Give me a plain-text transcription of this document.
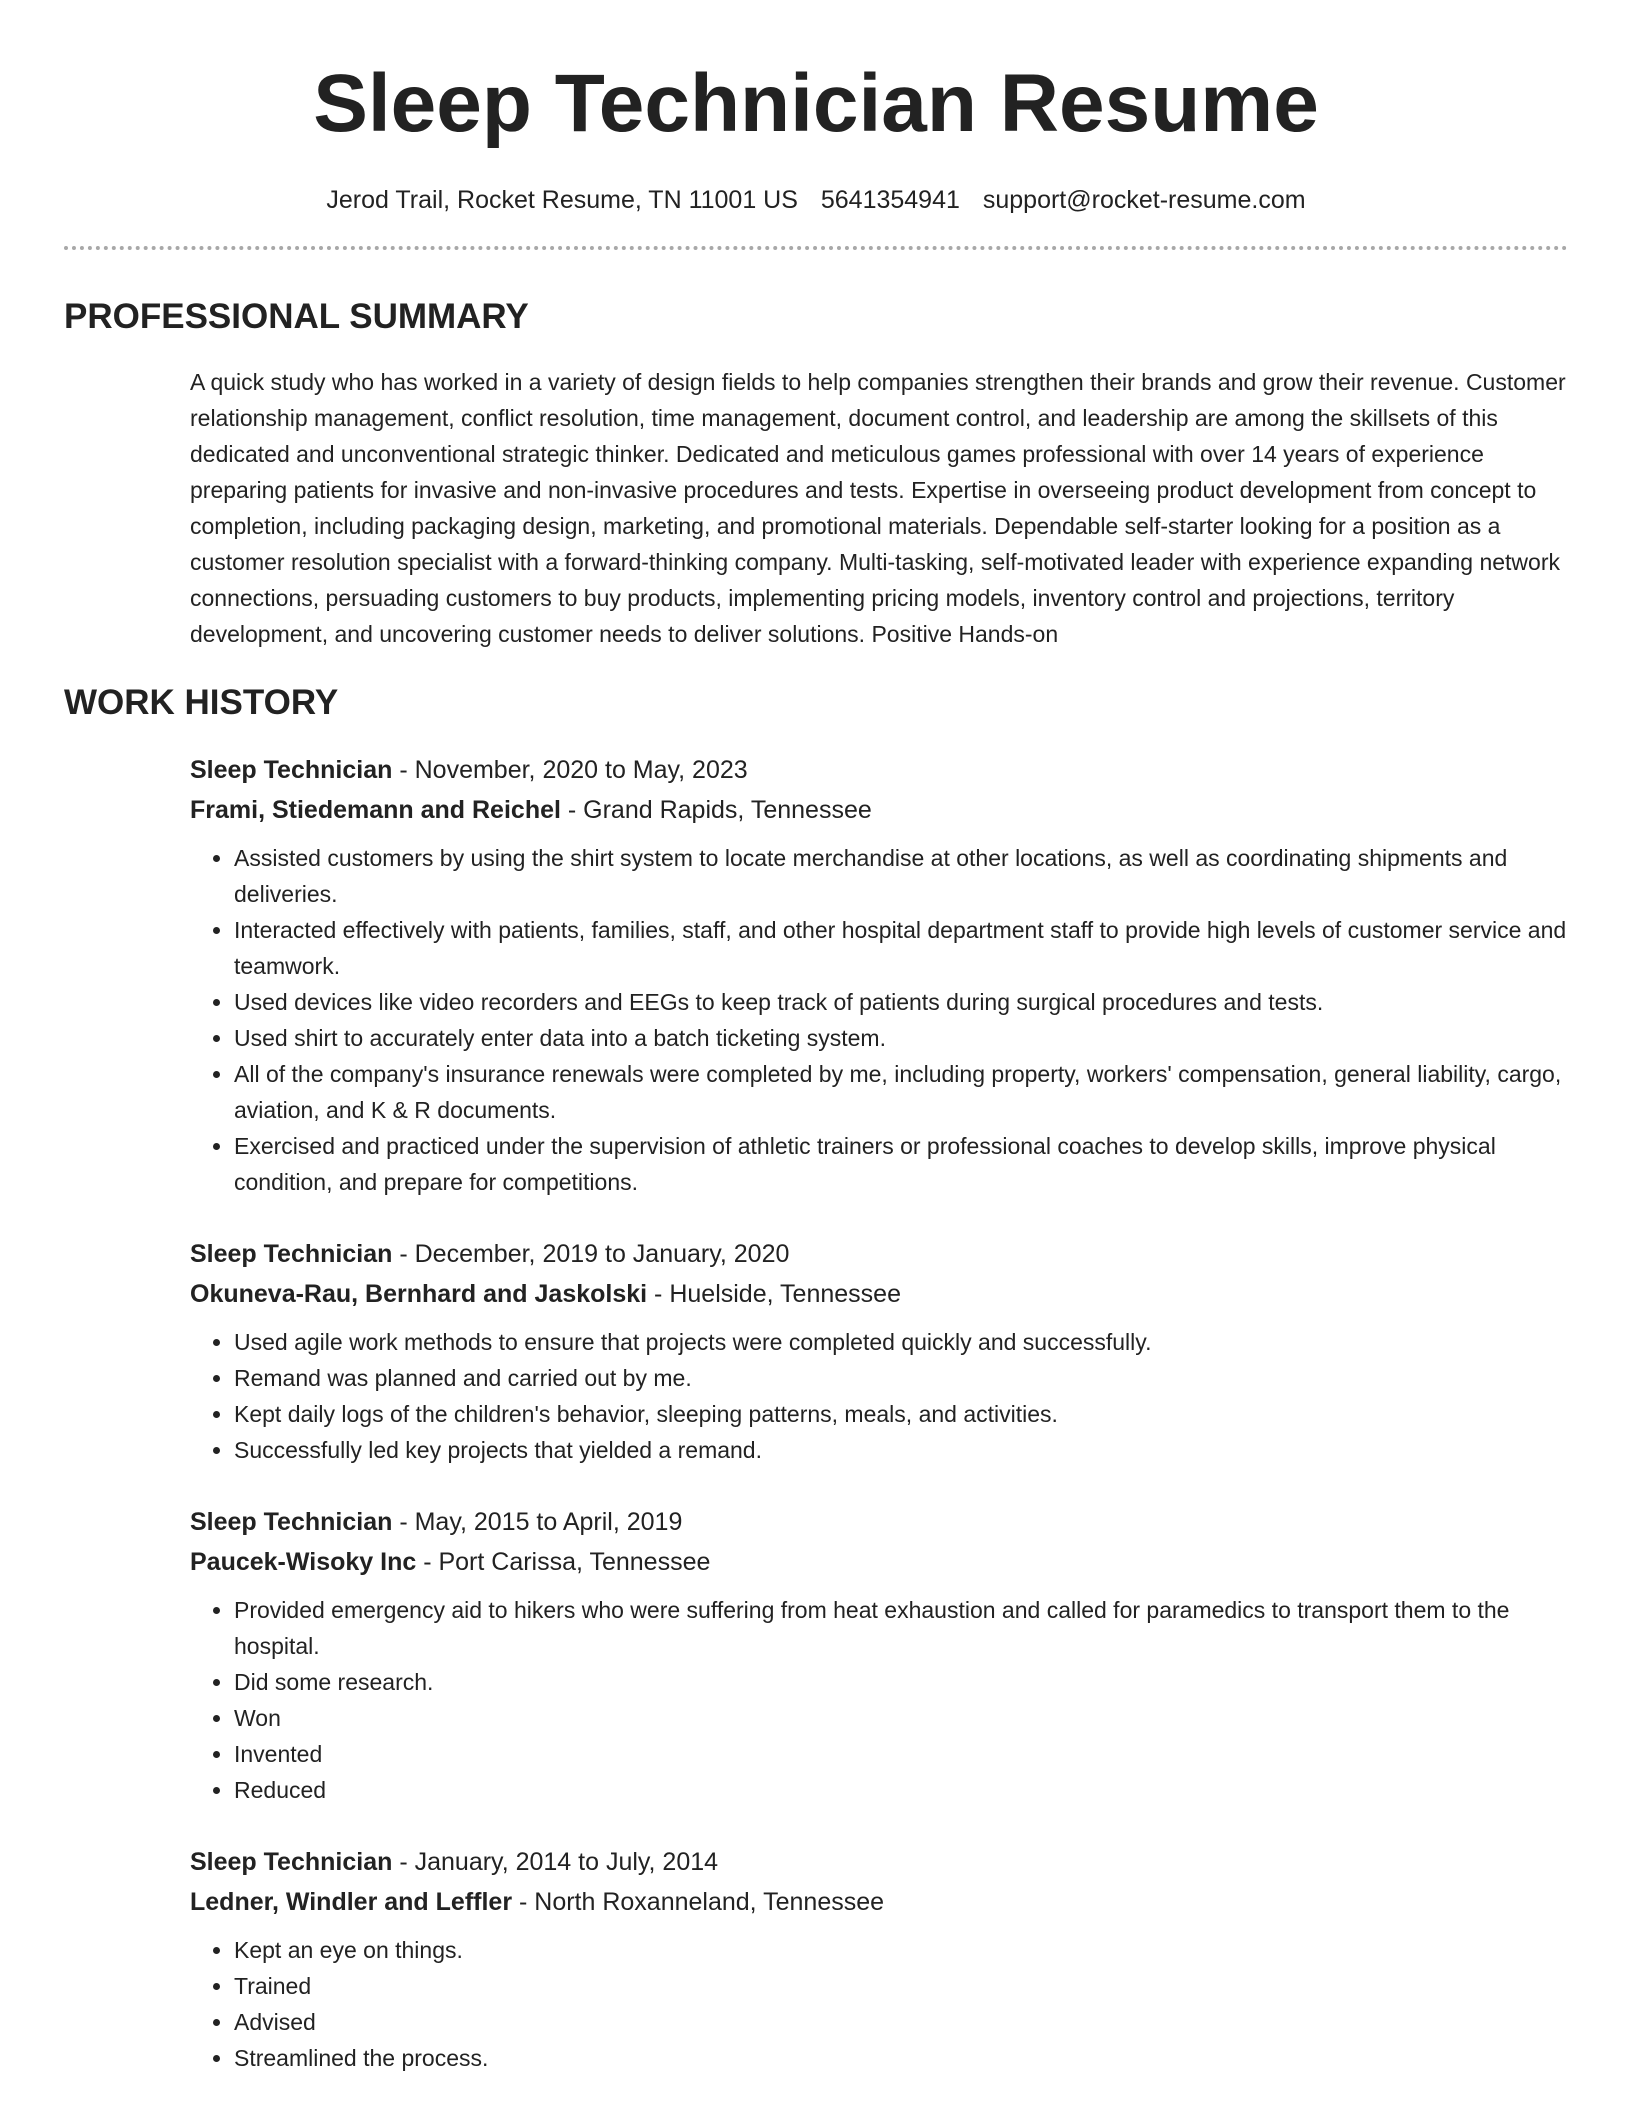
Sleep Technician Resume
Jerod Trail, Rocket Resume, TN 11001 US 5641354941 support@rocket-resume.com
PROFESSIONAL SUMMARY

A quick study who has worked in a variety of design fields to help companies strengthen their brands and grow their revenue. Customer relationship management, conflict resolution, time management, document control, and leadership are among the skillsets of this dedicated and unconventional strategic thinker. Dedicated and meticulous games professional with over 14 years of experience preparing patients for invasive and non-invasive procedures and tests. Expertise in overseeing product development from concept to completion, including packaging design, marketing, and promotional materials. Dependable self-starter looking for a position as a customer resolution specialist with a forward-thinking company. Multi-tasking, self-motivated leader with experience expanding network connections, persuading customers to buy products, implementing pricing models, inventory control and projections, territory development, and uncovering customer needs to deliver solutions. Positive Hands-on

WORK HISTORY
Sleep Technician - November, 2020 to May, 2023
Frami, Stiedemann and Reichel - Grand Rapids, Tennessee
• Assisted customers by using the shirt system to locate merchandise at other locations, as well as coordinating shipments and deliveries.
• Interacted effectively with patients, families, staff, and other hospital department staff to provide high levels of customer service and teamwork.
• Used devices like video recorders and EEGs to keep track of patients during surgical procedures and tests.
• Used shirt to accurately enter data into a batch ticketing system.
• All of the company's insurance renewals were completed by me, including property, workers' compensation, general liability, cargo, aviation, and K & R documents.
• Exercised and practiced under the supervision of athletic trainers or professional coaches to develop skills, improve physical condition, and prepare for competitions.
Sleep Technician - December, 2019 to January, 2020
Okuneva-Rau, Bernhard and Jaskolski - Huelside, Tennessee
• Used agile work methods to ensure that projects were completed quickly and successfully.
• Remand was planned and carried out by me.
• Kept daily logs of the children's behavior, sleeping patterns, meals, and activities.
• Successfully led key projects that yielded a remand.
Sleep Technician - May, 2015 to April, 2019
Paucek-Wisoky Inc - Port Carissa, Tennessee
• Provided emergency aid to hikers who were suffering from heat exhaustion and called for paramedics to transport them to the hospital.
• Did some research.
• Won
• Invented
• Reduced
Sleep Technician - January, 2014 to July, 2014
Ledner, Windler and Leffler - North Roxanneland, Tennessee
• Kept an eye on things.
• Trained
• Advised
• Streamlined the process.
